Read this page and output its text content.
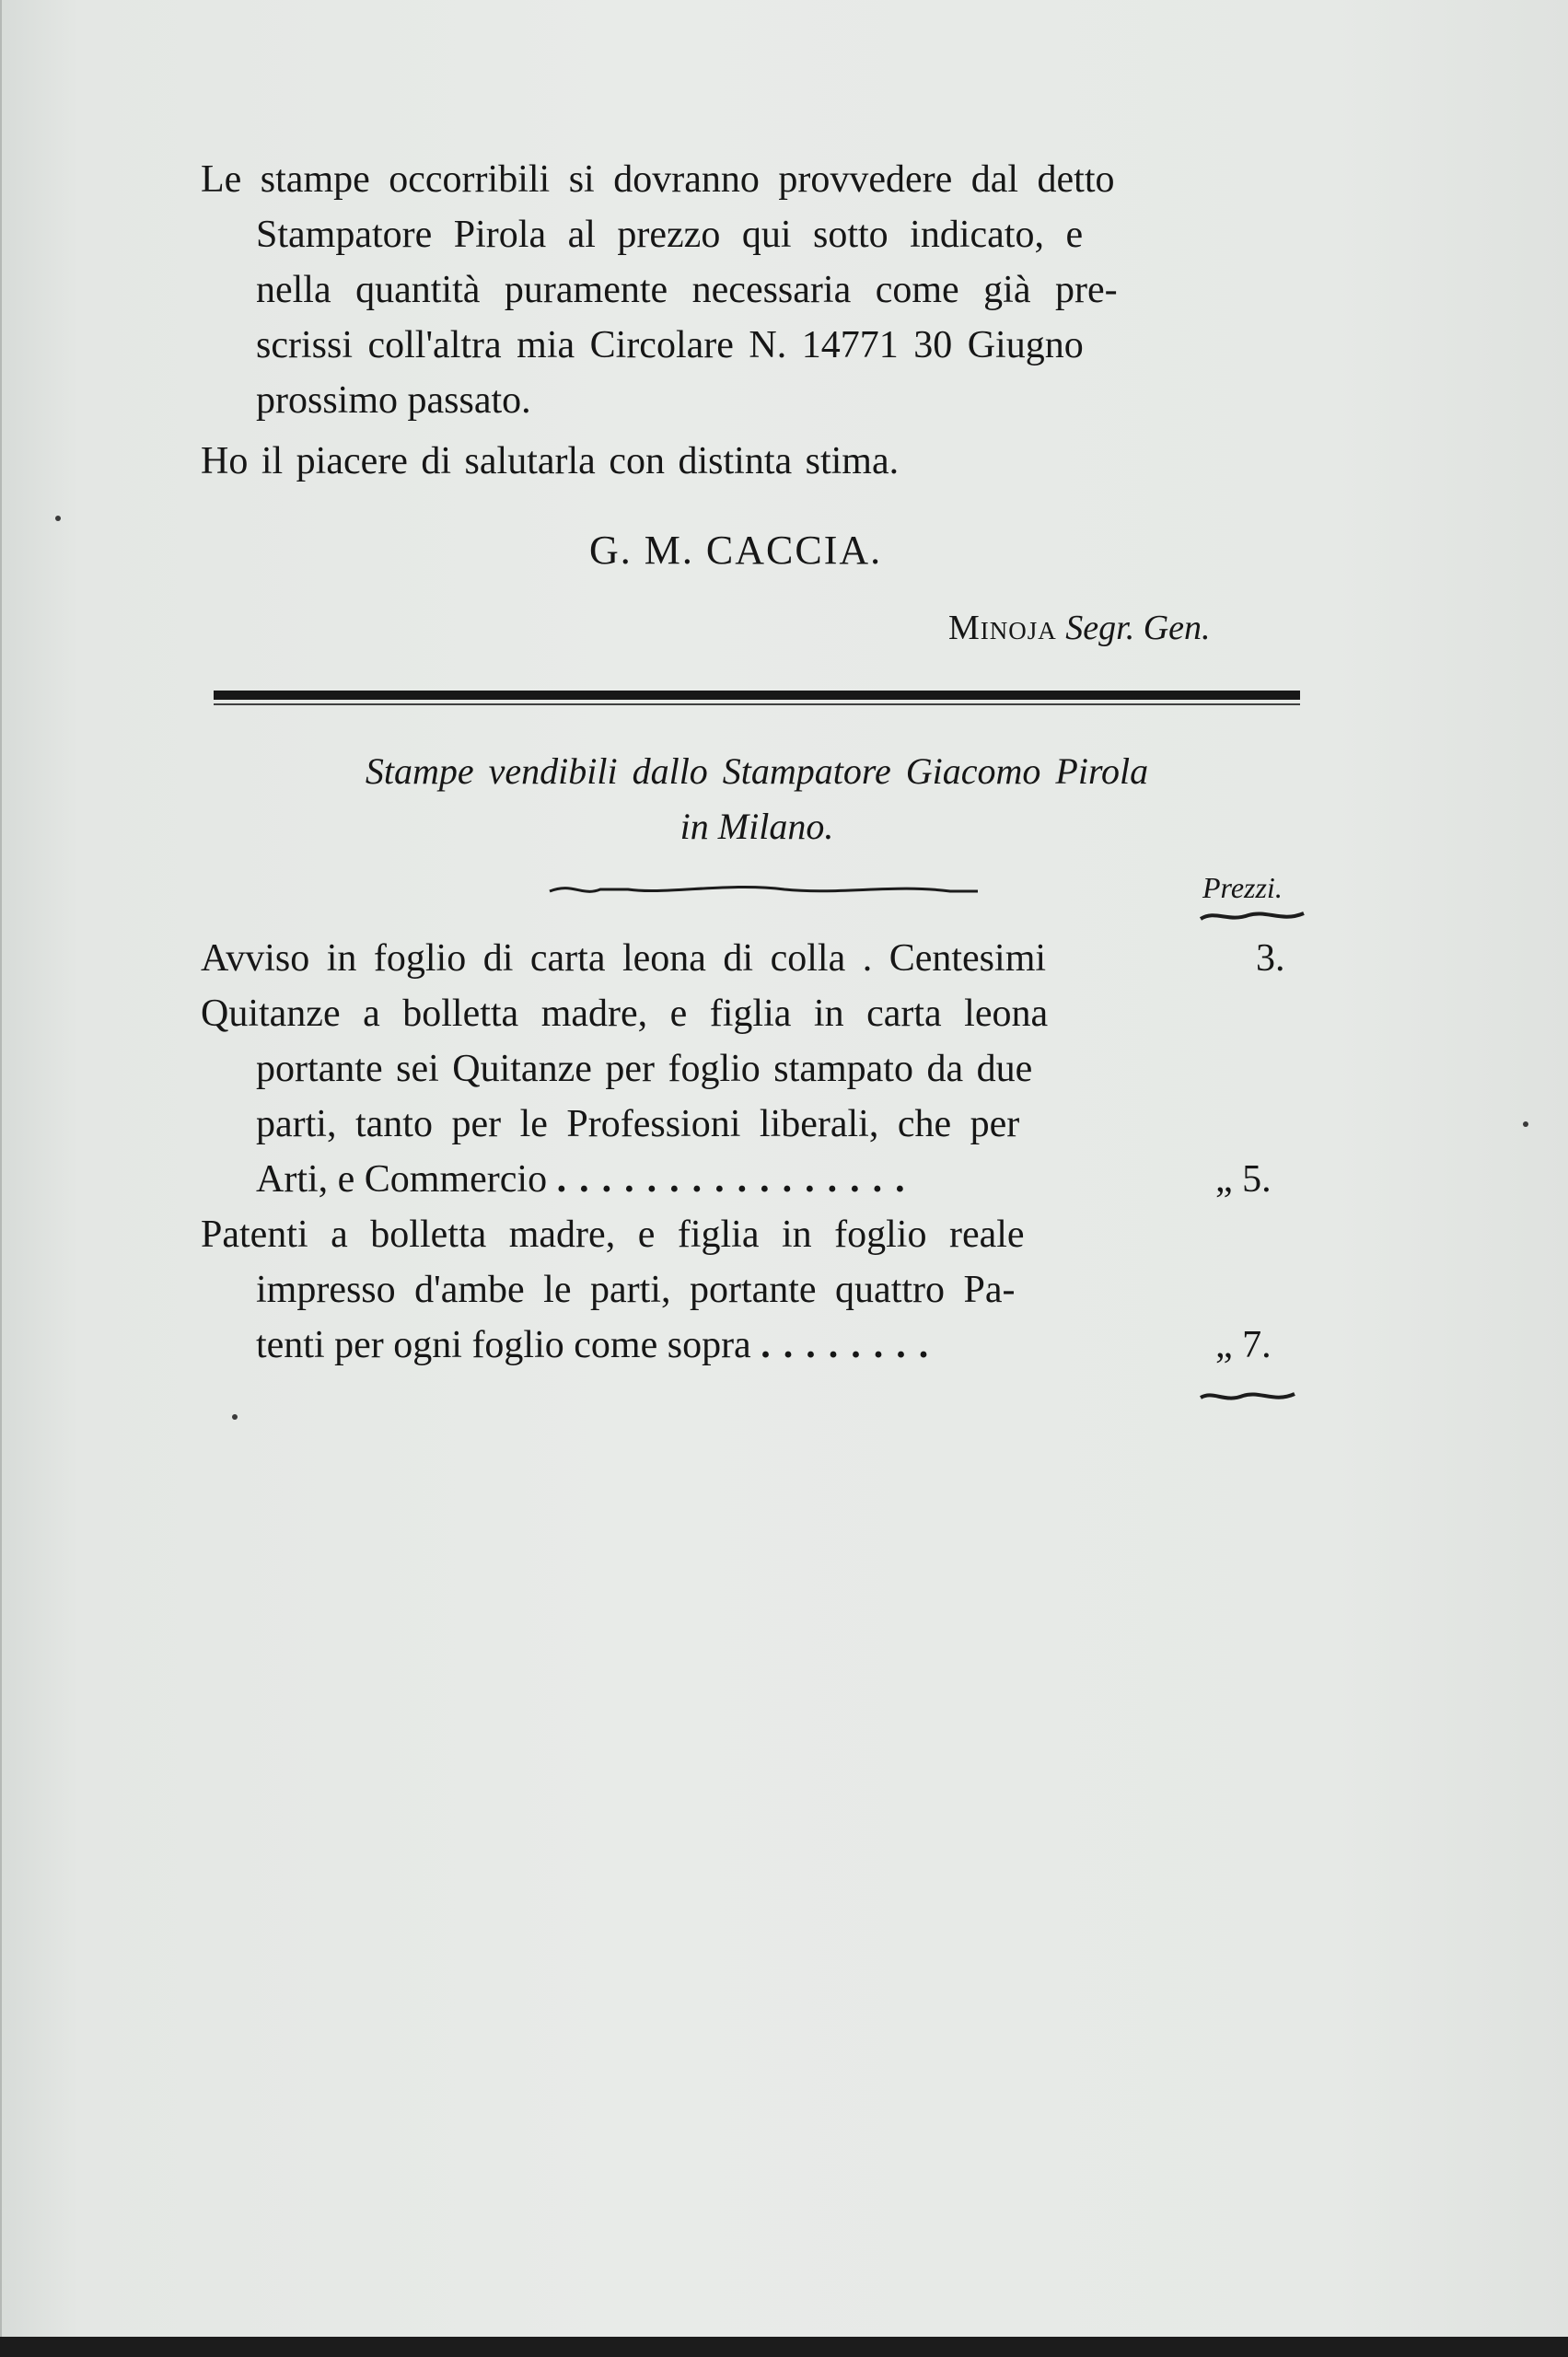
Le stampe occorribili si dovranno provvedere dal detto
Stampatore Pirola al prezzo qui sotto indicato, e
nella quantità puramente necessaria come già pre-
scrissi coll'altra mia Circolare N. 14771 30 Giugno
prossimo passato.
Ho il piacere di salutarla con distinta stima.
G. M. CACCIA.
Minoja Segr. Gen.
Stampe vendibili dallo Stampatore Giacomo Pirola
in Milano.
Prezzi.
Avviso in foglio di carta leona di colla . Centesimi	3.
Quitanze a bolletta madre, e figlia in carta leona
portante sei Quitanze per foglio stampato da due
parti, tanto per le Professioni liberali, che per
Arti, e Commercio ................	„ 5.
Patenti a bolletta madre, e figlia in foglio reale
impresso d'ambe le parti, portante quattro Pa-
tenti per ogni foglio come sopra ........	„ 7.
